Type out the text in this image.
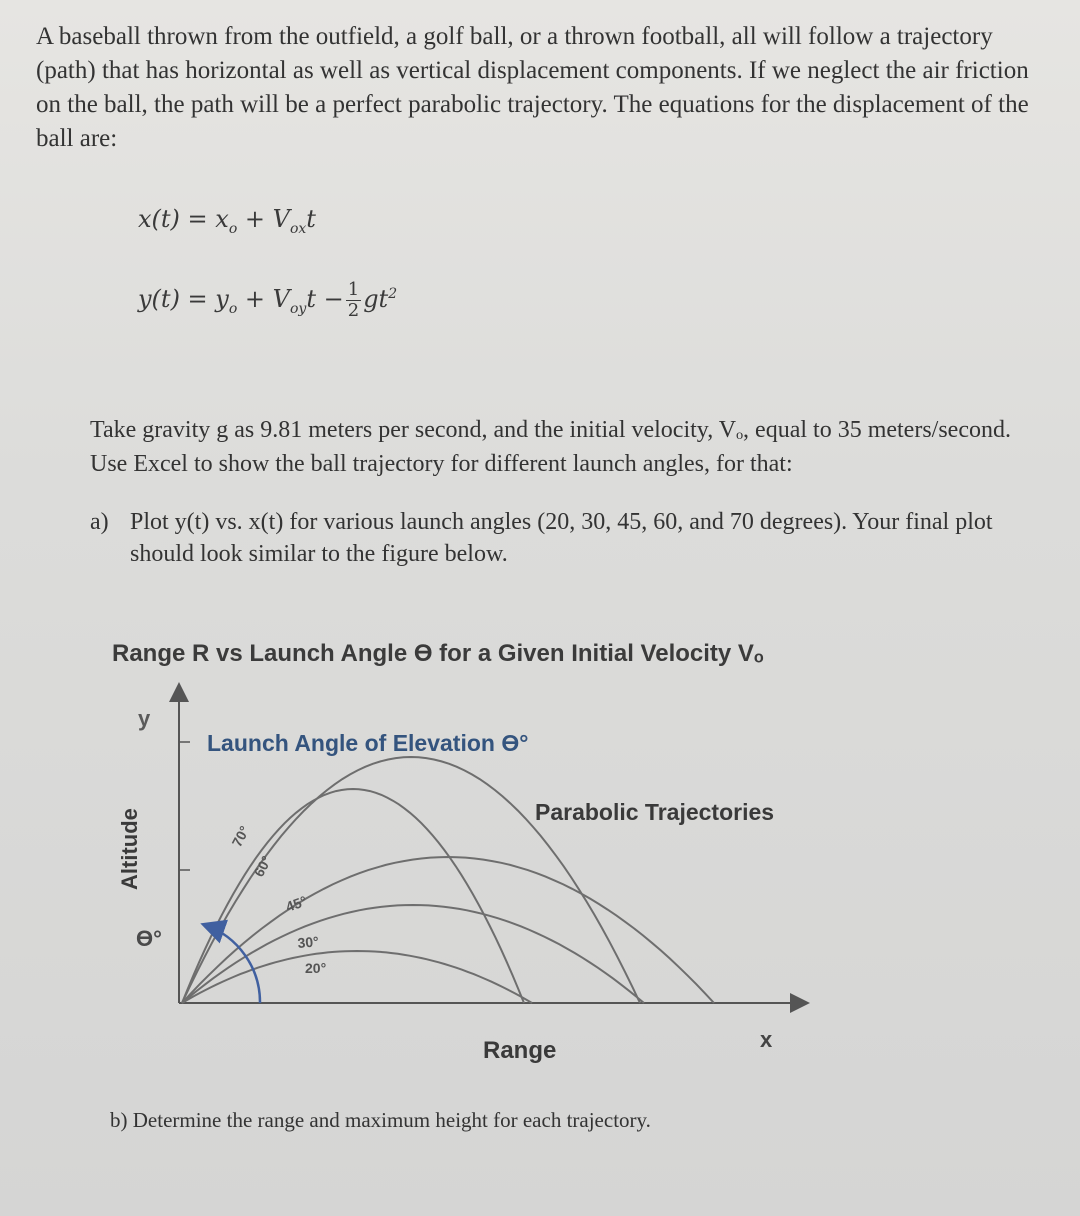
A baseball thrown from the outfield, a golf ball, or a thrown football, all will follow a trajectory (path) that has horizontal as well as vertical displacement components. If we neglect the air friction on the ball, the path will be a perfect parabolic trajectory. The equations for the displacement of the ball are:
$x(t) = x_o + V_{ox}t$
$y(t) = y_o + V_{oy}t - \frac{1}{2} gt^2$
Take gravity g as 9.81 meters per second, and the initial velocity, Vₒ, equal to 35 meters/second. Use Excel to show the ball trajectory for different launch angles, for that:
a) Plot y(t) vs. x(t) for various launch angles (20, 30, 45, 60, and 70 degrees). Your final plot should look similar to the figure below.
Range R vs Launch Angle ϴ for a Given Initial Velocity Vₒ
ϴ°
y
x
Range
Altitude
Launch Angle of Elevation ϴ°
Parabolic Trajectories
70°
60°
45°
30°
20°
b) Determine the range and maximum height for each trajectory.
